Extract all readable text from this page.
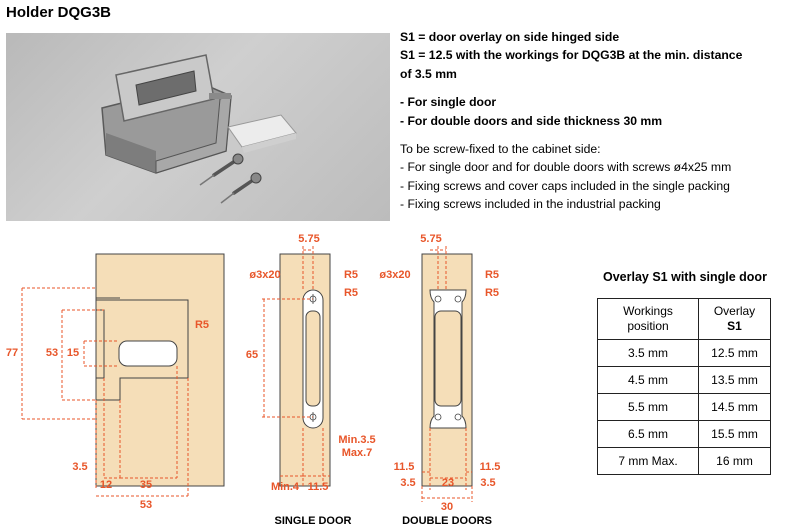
Holder DQG3B
S1 = door overlay on side hinged side
S1 = 12.5 with the workings for DQG3B at the min. distance
of 3.5 mm
- For single door
- For double doors and side thickness 30 mm
To be screw-fixed to the cabinet side:
- For single door and for double doors with screws ø4x25 mm
- Fixing screws and cover caps included in the single packing
- Fixing screws included in the industrial packing
77	53 15
R5
3.5
12	35
53
5.75
ø3x20	R5
R5
65
Min.3.5
Max.7
Min.4 11.5
SINGLE DOOR
5.75
ø3x20	R5
R5
11.5	11.5
3.5 23 3.5
30
DOUBLE DOORS
Overlay S1 with single door
Workings
position	Overlay
S1
3.5 mm	12.5 mm
4.5 mm	13.5 mm
5.5 mm	14.5 mm
6.5 mm	15.5 mm
7 mm Max.	16 mm
